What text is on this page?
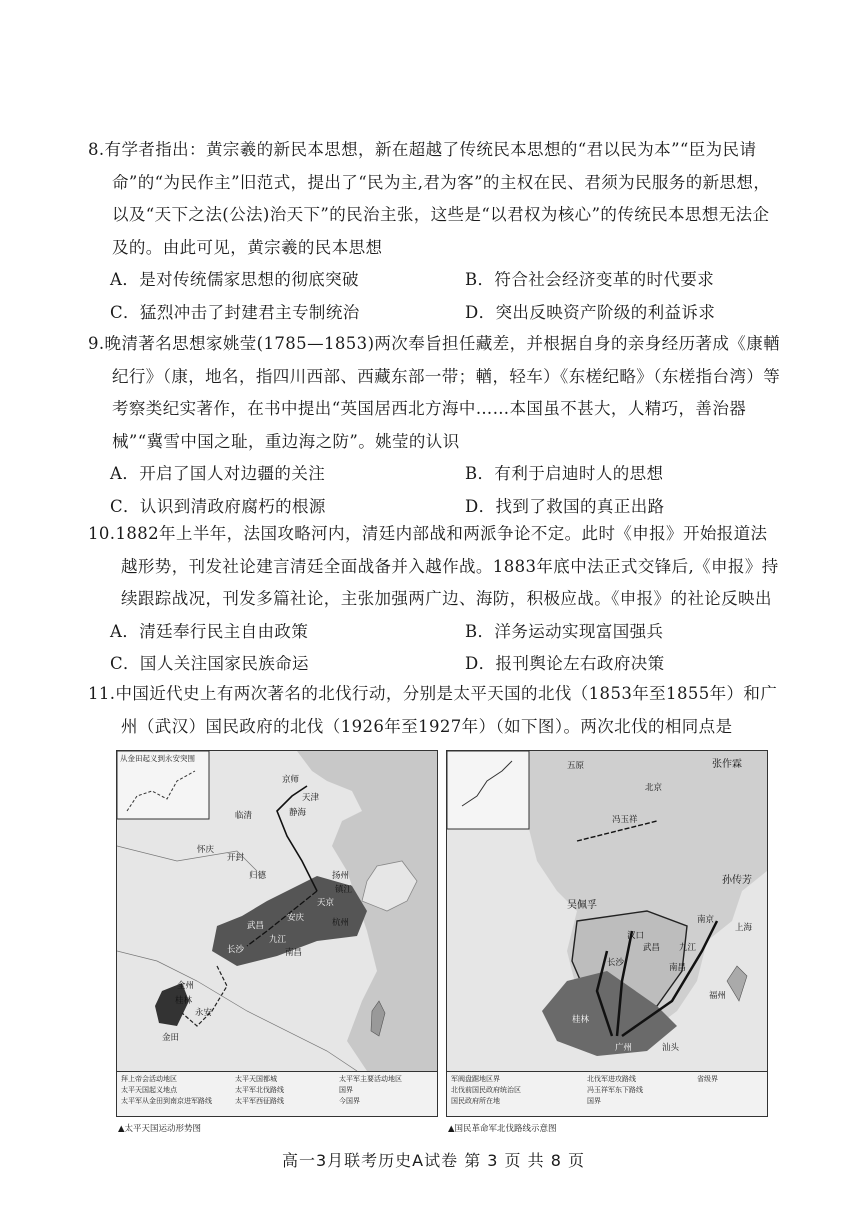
8.有学者指出：黄宗羲的新民本思想，新在超越了传统民本思想的“君以民为本”“臣为民请命”的“为民作主”旧范式，提出了“民为主,君为客”的主权在民、君须为民服务的新思想，以及“天下之法(公法)治天下”的民治主张，这些是“以君权为核心”的传统民本思想无法企及的。由此可见，黄宗羲的民本思想
A．是对传统儒家思想的彻底突破	B．符合社会经济变革的时代要求
C．猛烈冲击了封建君主专制统治	D．突出反映资产阶级的利益诉求
9.晚清著名思想家姚莹(1785—1853)两次奉旨担任藏差，并根据自身的亲身经历著成《康輶纪行》（康，地名，指四川西部、西藏东部一带；輶，轻车）《东槎纪略》（东槎指台湾）等考察类纪实著作，在书中提出“英国居西北方海中……本国虽不甚大，人精巧，善治器械”“冀雪中国之耻，重边海之防”。姚莹的认识
A．开启了国人对边疆的关注	B．有利于启迪时人的思想
C．认识到清政府腐朽的根源	D．找到了救国的真正出路
10.1882年上半年，法国攻略河内，清廷内部战和两派争论不定。此时《申报》开始报道法越形势，刊发社论建言清廷全面战备并入越作战。1883年底中法正式交锋后,《申报》持续跟踪战况，刊发多篇社论，主张加强两广边、海防，积极应战。《申报》的社论反映出
A．清廷奉行民主自由政策	B．洋务运动实现富国强兵
C．国人关注国家民族命运	D．报刊舆论左右政府决策
11.中国近代史上有两次著名的北伐行动，分别是太平天国的北伐（1853年至1855年）和广州（武汉）国民政府的北伐（1926年至1927年）（如下图）。两次北伐的相同点是
从金田起义到永安突围
京师
天津
静海
临清
怀庆
开封
归德	扬州
镇江
天京
安庆
武昌
九江
长沙	南昌
杭州
金田
永安
桂林
全州
拜上帝会活动地区
太平天国起义地点
太平军从金田到南京进军路线
太平天国都城
太平军北伐路线
太平军西征路线
太平军主要活动地区
国界
今国界
张作霖
五原
北京
吴佩孚
孙传芳
汉口
武昌
长沙	南昌
南京
上海
广州	汕头
福州
九江
桂林
冯玉祥
军阀盘踞地区界
北伐前国民政府统治区
国民政府所在地
北伐军进攻路线
冯玉祥军东下路线
国界
省级界
▲太平天国运动形势图	▲国民革命军北伐路线示意图
高一3月联考历史A试卷 第 3 页 共 8 页
